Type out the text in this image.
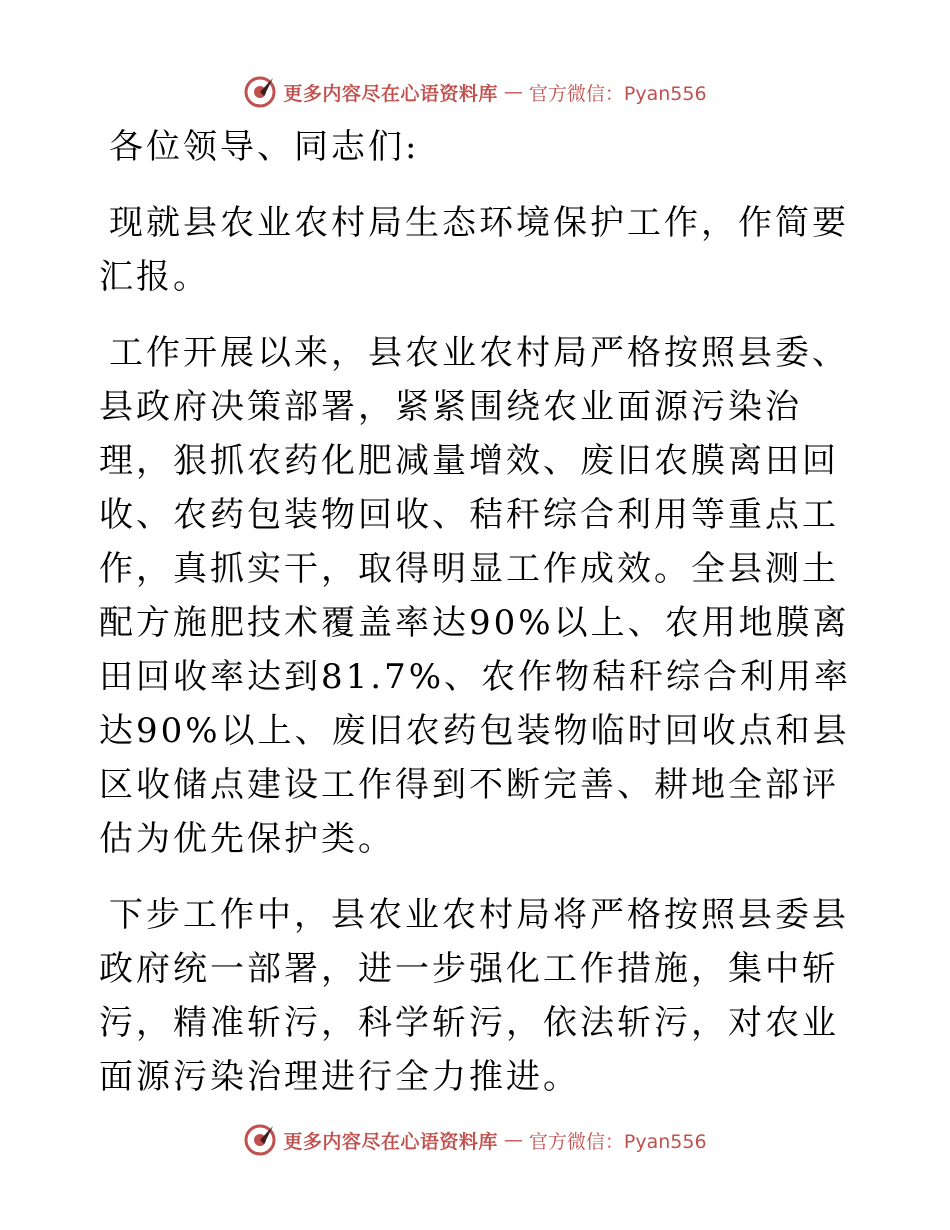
更多内容尽在心语资料库 — 官方微信：Pyan556

各位领导、同志们:

现就县农业农村局生态环境保护工作，作简要汇报。

工作开展以来，县农业农村局严格按照县委、县政府决策部署，紧紧围绕农业面源污染治理，狠抓农药化肥减量增效、废旧农膜离田回收、农药包装物回收、秸秆综合利用等重点工作，真抓实干，取得明显工作成效。全县测土配方施肥技术覆盖率达90%以上、农用地膜离田回收率达到81.7%、农作物秸秆综合利用率达90%以上、废旧农药包装物临时回收点和县区收储点建设工作得到不断完善、耕地全部评估为优先保护类。

下步工作中，县农业农村局将严格按照县委县政府统一部署，进一步强化工作措施，集中斩污，精准斩污，科学斩污，依法斩污，对农业面源污染治理进行全力推进。

更多内容尽在心语资料库 — 官方微信：Pyan556
